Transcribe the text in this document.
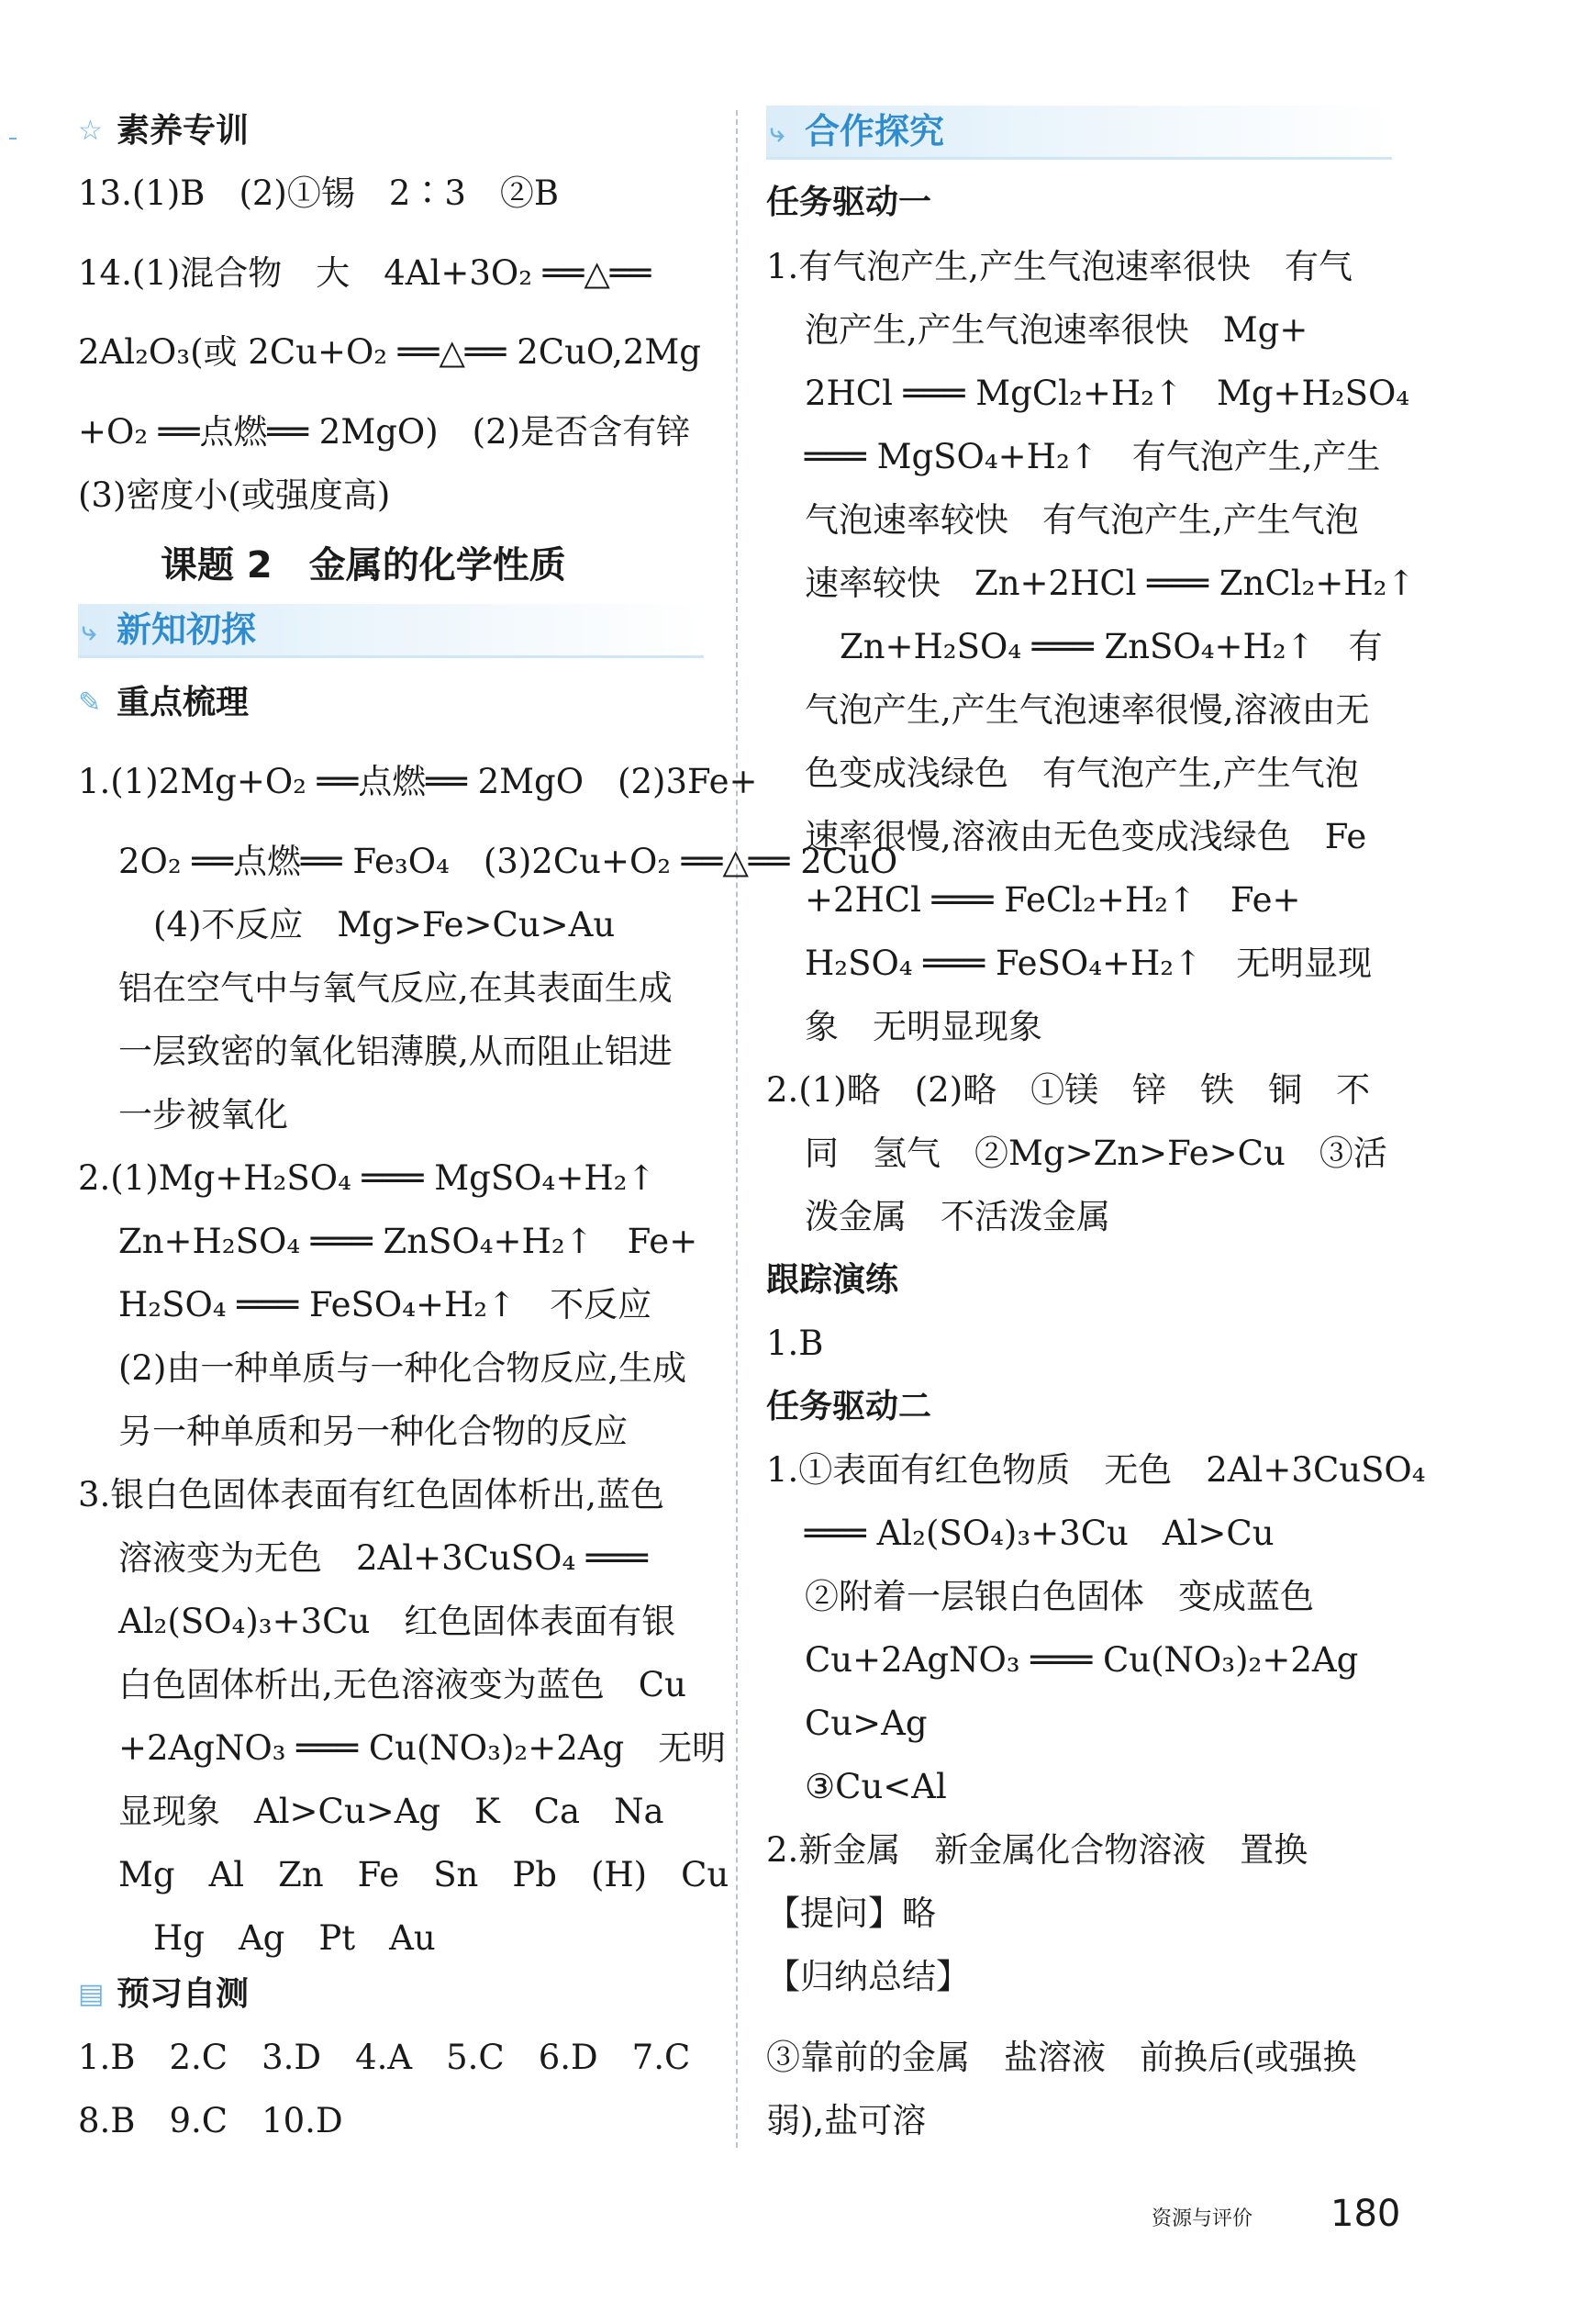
☆ 素养专训
13.(1)B　(2)①锡　2∶3　②B
14.(1)混合物　大　4Al+3O₂ ══△══
2Al₂O₃(或 2Cu+O₂ ══△══ 2CuO,2Mg
+O₂ ══点燃══ 2MgO)　(2)是否含有锌
(3)密度小(或强度高)
课题 2　金属的化学性质
⤷ 新知初探
✎ 重点梳理
1.(1)2Mg+O₂ ══点燃══ 2MgO　(2)3Fe+
2O₂ ══点燃══ Fe₃O₄　(3)2Cu+O₂ ══△══ 2CuO
(4)不反应　Mg>Fe>Cu>Au
铝在空气中与氧气反应,在其表面生成
一层致密的氧化铝薄膜,从而阻止铝进
一步被氧化
2.(1)Mg+H₂SO₄ ═══ MgSO₄+H₂↑
Zn+H₂SO₄ ═══ ZnSO₄+H₂↑　Fe+
H₂SO₄ ═══ FeSO₄+H₂↑　不反应
(2)由一种单质与一种化合物反应,生成
另一种单质和另一种化合物的反应
3.银白色固体表面有红色固体析出,蓝色
溶液变为无色　2Al+3CuSO₄ ═══
Al₂(SO₄)₃+3Cu　红色固体表面有银
白色固体析出,无色溶液变为蓝色　Cu
+2AgNO₃ ═══ Cu(NO₃)₂+2Ag　无明
显现象　Al>Cu>Ag　K　Ca　Na
Mg　Al　Zn　Fe　Sn　Pb　(H)　Cu
Hg　Ag　Pt　Au
▤ 预习自测
1.B　2.C　3.D　4.A　5.C　6.D　7.C
8.B　9.C　10.D
⤷ 合作探究
任务驱动一
1.有气泡产生,产生气泡速率很快　有气
泡产生,产生气泡速率很快　Mg+
2HCl ═══ MgCl₂+H₂↑　Mg+H₂SO₄
═══ MgSO₄+H₂↑　有气泡产生,产生
气泡速率较快　有气泡产生,产生气泡
速率较快　Zn+2HCl ═══ ZnCl₂+H₂↑
Zn+H₂SO₄ ═══ ZnSO₄+H₂↑　有
气泡产生,产生气泡速率很慢,溶液由无
色变成浅绿色　有气泡产生,产生气泡
速率很慢,溶液由无色变成浅绿色　Fe
+2HCl ═══ FeCl₂+H₂↑　Fe+
H₂SO₄ ═══ FeSO₄+H₂↑　无明显现
象　无明显现象
2.(1)略　(2)略　①镁　锌　铁　铜　不
同　氢气　②Mg>Zn>Fe>Cu　③活
泼金属　不活泼金属
跟踪演练
1.B
任务驱动二
1.①表面有红色物质　无色　2Al+3CuSO₄
═══ Al₂(SO₄)₃+3Cu　Al>Cu
②附着一层银白色固体　变成蓝色
Cu+2AgNO₃ ═══ Cu(NO₃)₂+2Ag
Cu>Ag
③Cu<Al
2.新金属　新金属化合物溶液　置换
【提问】略
【归纳总结】
③靠前的金属　盐溶液　前换后(或强换
弱),盐可溶
资源与评价 180
